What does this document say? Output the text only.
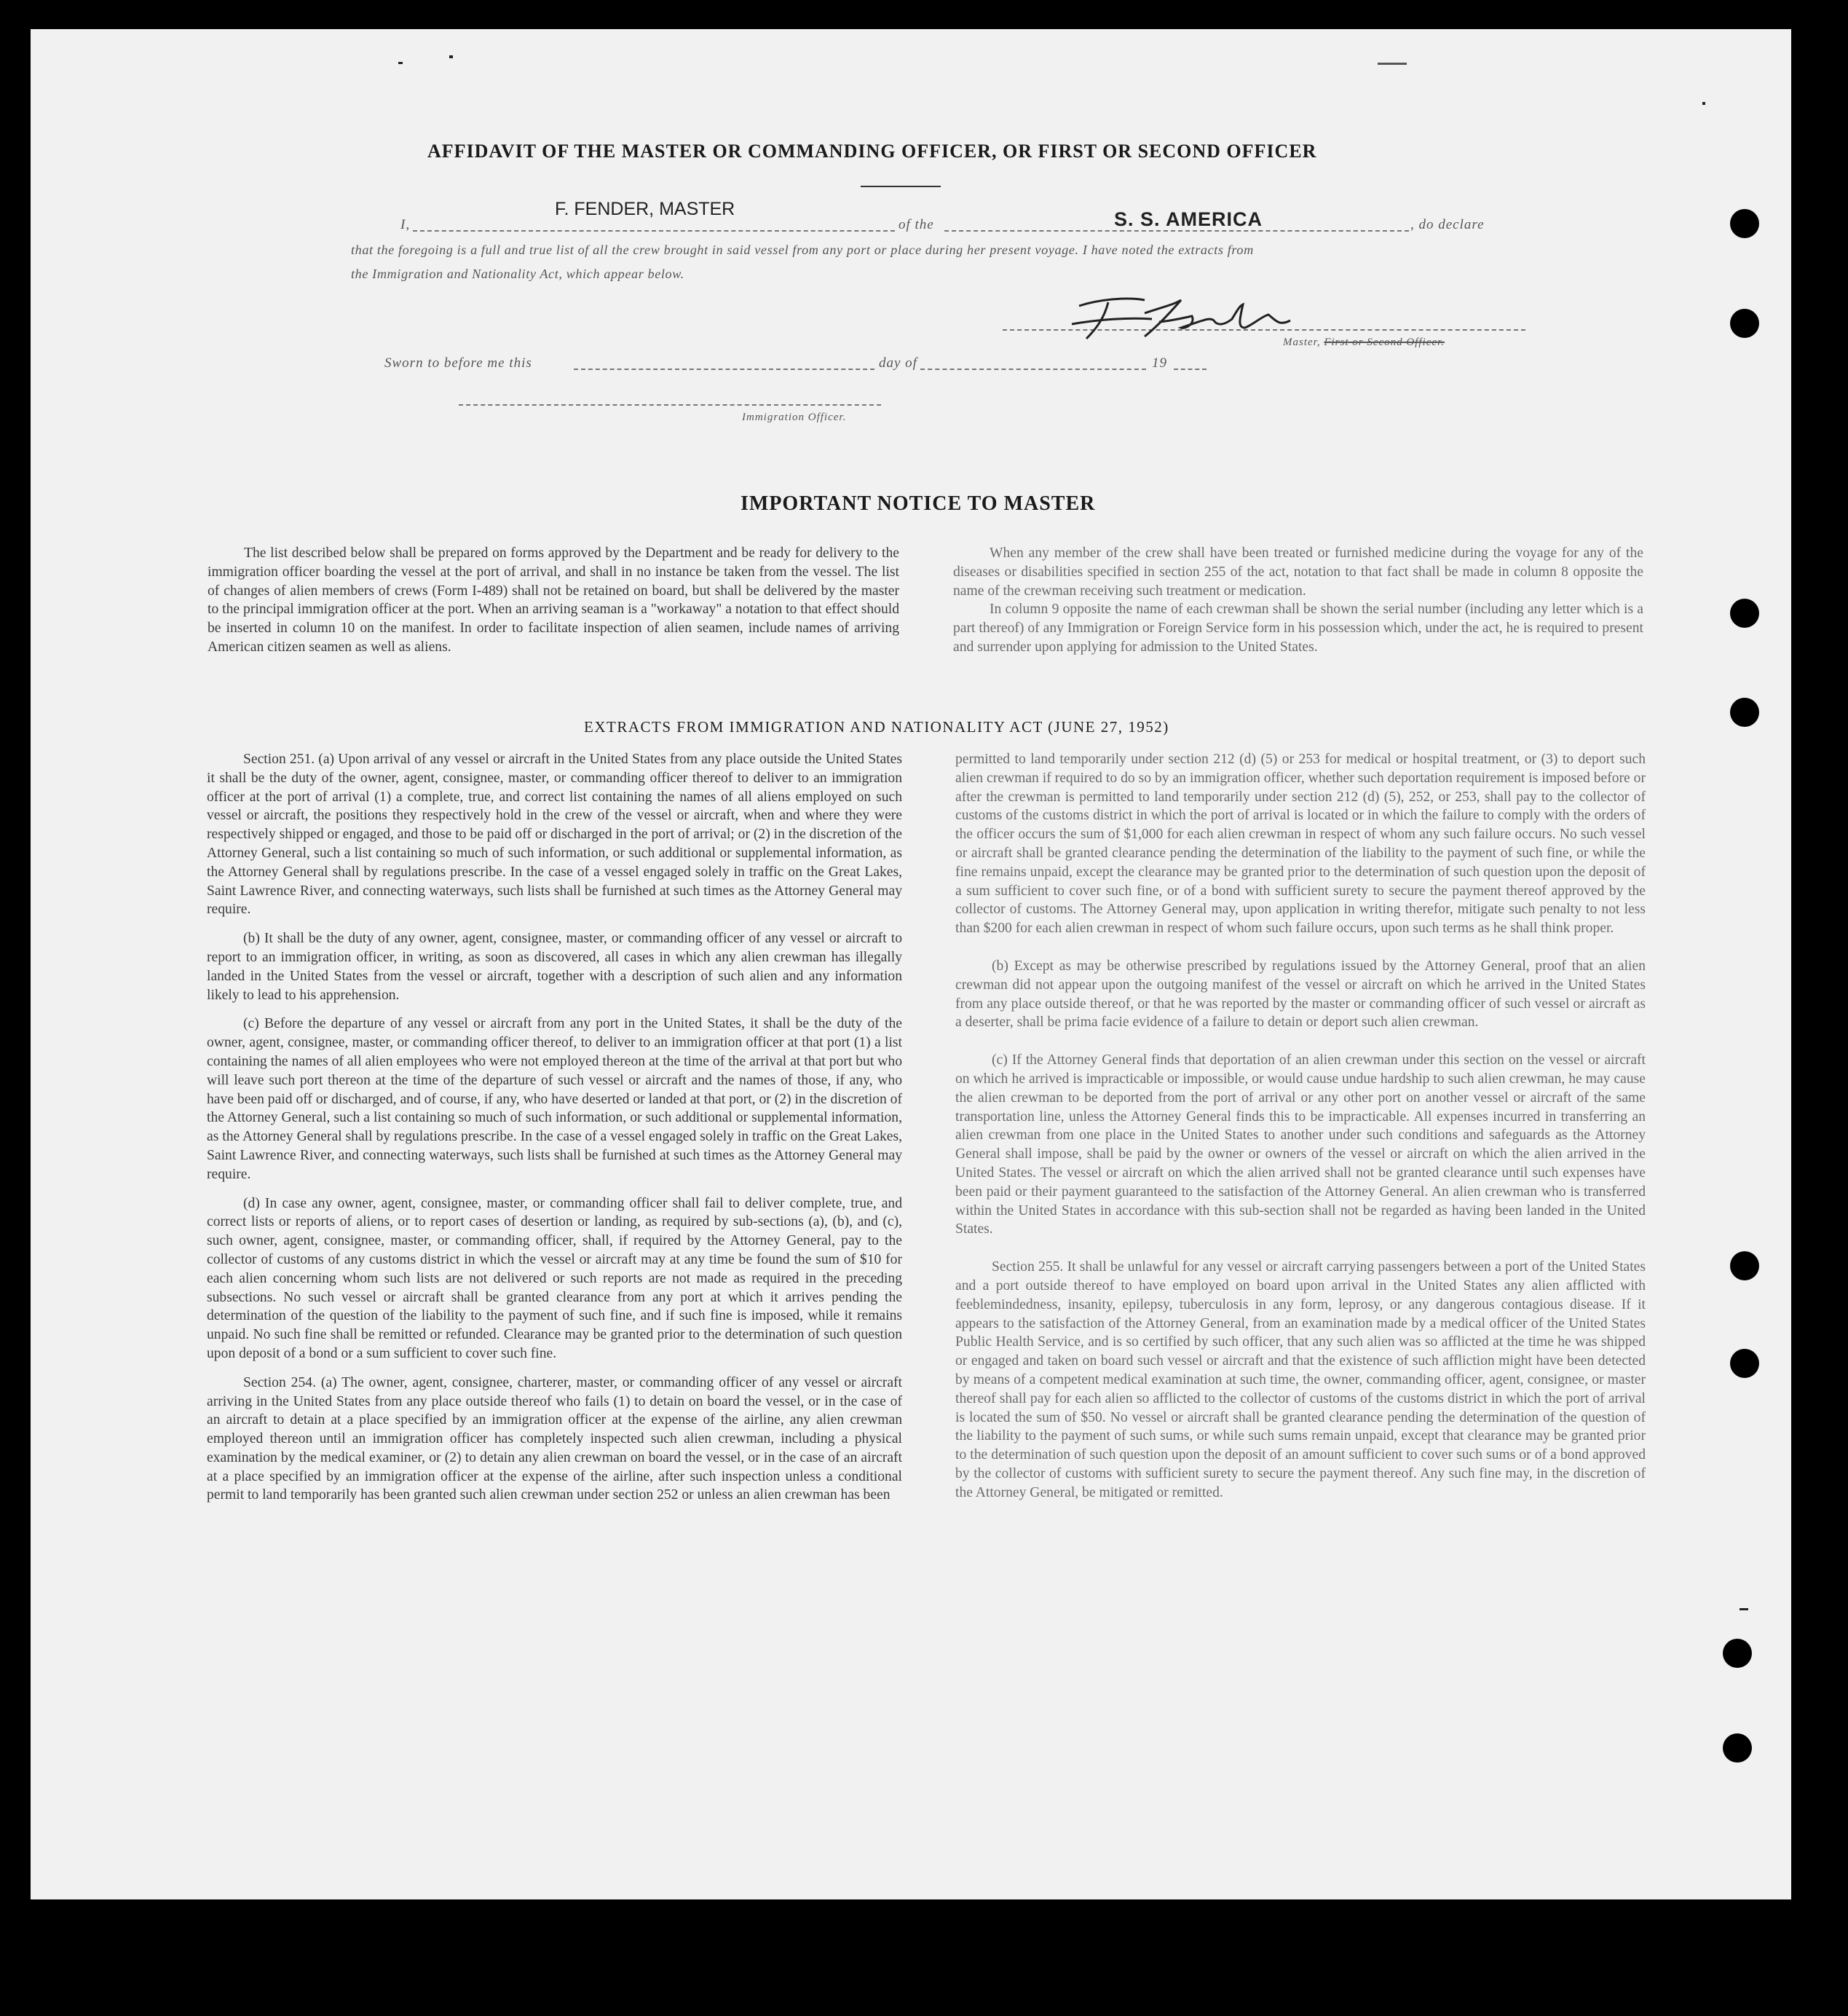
AFFIDAVIT OF THE MASTER OR COMMANDING OFFICER, OR FIRST OR SECOND OFFICER
I,
F. FENDER, MASTER
of the	S. S. AMERICA	, do declare
that the foregoing is a full and true list of all the crew brought in said vessel from any port or place during her present voyage. I have noted the extracts from
the Immigration and Nationality Act, which appear below.
Master, First or Second Officer.
Sworn to before me this	day of	19
Immigration Officer.
IMPORTANT NOTICE TO MASTER

The list described below shall be prepared on forms approved by the Department and be ready for delivery to the immigration officer boarding the vessel at the port of arrival, and shall in no instance be taken from the vessel. The list of changes of alien members of crews (Form I-489) shall not be retained on board, but shall be delivered by the master to the principal immigration officer at the port. When an arriving seaman is a "workaway" a notation to that effect should be inserted in column 10 on the manifest. In order to facilitate inspection of alien seamen, include names of arriving American citizen seamen as well as aliens.

When any member of the crew shall have been treated or furnished medicine during the voyage for any of the diseases or disabilities specified in section 255 of the act, notation to that fact shall be made in column 8 opposite the name of the crewman receiving such treatment or medication.

In column 9 opposite the name of each crewman shall be shown the serial number (including any letter which is a part thereof) of any Immigration or Foreign Service form in his possession which, under the act, he is required to present and surrender upon applying for admission to the United States.

EXTRACTS FROM IMMIGRATION AND NATIONALITY ACT (JUNE 27, 1952)

Section 251. (a) Upon arrival of any vessel or aircraft in the United States from any place outside the United States it shall be the duty of the owner, agent, consignee, master, or commanding officer thereof to deliver to an immigration officer at the port of arrival (1) a complete, true, and correct list containing the names of all aliens employed on such vessel or aircraft, the positions they respectively hold in the crew of the vessel or aircraft, when and where they were respectively shipped or engaged, and those to be paid off or discharged in the port of arrival; or (2) in the discretion of the Attorney General, such a list containing so much of such information, or such additional or supplemental information, as the Attorney General shall by regulations prescribe. In the case of a vessel engaged solely in traffic on the Great Lakes, Saint Lawrence River, and connecting waterways, such lists shall be furnished at such times as the Attorney General may require.

(b) It shall be the duty of any owner, agent, consignee, master, or commanding officer of any vessel or aircraft to report to an immigration officer, in writing, as soon as discovered, all cases in which any alien crewman has illegally landed in the United States from the vessel or aircraft, together with a description of such alien and any information likely to lead to his apprehension.

(c) Before the departure of any vessel or aircraft from any port in the United States, it shall be the duty of the owner, agent, consignee, master, or commanding officer thereof, to deliver to an immigration officer at that port (1) a list containing the names of all alien employees who were not employed thereon at the time of the arrival at that port but who will leave such port thereon at the time of the departure of such vessel or aircraft and the names of those, if any, who have been paid off or discharged, and of course, if any, who have deserted or landed at that port, or (2) in the discretion of the Attorney General, such a list containing so much of such information, or such additional or supplemental information, as the Attorney General shall by regulations prescribe. In the case of a vessel engaged solely in traffic on the Great Lakes, Saint Lawrence River, and connecting waterways, such lists shall be furnished at such times as the Attorney General may require.

(d) In case any owner, agent, consignee, master, or commanding officer shall fail to deliver complete, true, and correct lists or reports of aliens, or to report cases of desertion or landing, as required by sub-sections (a), (b), and (c), such owner, agent, consignee, master, or commanding officer, shall, if required by the Attorney General, pay to the collector of customs of any customs district in which the vessel or aircraft may at any time be found the sum of $10 for each alien concerning whom such lists are not delivered or such reports are not made as required in the preceding subsections. No such vessel or aircraft shall be granted clearance from any port at which it arrives pending the determination of the question of the liability to the payment of such fine, and if such fine is imposed, while it remains unpaid. No such fine shall be remitted or refunded. Clearance may be granted prior to the determination of such question upon deposit of a bond or a sum sufficient to cover such fine.

Section 254. (a) The owner, agent, consignee, charterer, master, or commanding officer of any vessel or aircraft arriving in the United States from any place outside thereof who fails (1) to detain on board the vessel, or in the case of an aircraft to detain at a place specified by an immigration officer at the expense of the airline, any alien crewman employed thereon until an immigration officer has completely inspected such alien crewman, including a physical examination by the medical examiner, or (2) to detain any alien crewman on board the vessel, or in the case of an aircraft at a place specified by an immigration officer at the expense of the airline, after such inspection unless a conditional permit to land temporarily has been granted such alien crewman under section 252 or unless an alien crewman has been

permitted to land temporarily under section 212 (d) (5) or 253 for medical or hospital treatment, or (3) to deport such alien crewman if required to do so by an immigration officer, whether such deportation requirement is imposed before or after the crewman is permitted to land temporarily under section 212 (d) (5), 252, or 253, shall pay to the collector of customs of the customs district in which the port of arrival is located or in which the failure to comply with the orders of the officer occurs the sum of $1,000 for each alien crewman in respect of whom any such failure occurs. No such vessel or aircraft shall be granted clearance pending the determination of the liability to the payment of such fine, or while the fine remains unpaid, except the clearance may be granted prior to the determination of such question upon the deposit of a sum sufficient to cover such fine, or of a bond with sufficient surety to secure the payment thereof approved by the collector of customs. The Attorney General may, upon application in writing therefor, mitigate such penalty to not less than $200 for each alien crewman in respect of whom such failure occurs, upon such terms as he shall think proper.

(b) Except as may be otherwise prescribed by regulations issued by the Attorney General, proof that an alien crewman did not appear upon the outgoing manifest of the vessel or aircraft on which he arrived in the United States from any place outside thereof, or that he was reported by the master or commanding officer of such vessel or aircraft as a deserter, shall be prima facie evidence of a failure to detain or deport such alien crewman.

(c) If the Attorney General finds that deportation of an alien crewman under this section on the vessel or aircraft on which he arrived is impracticable or impossible, or would cause undue hardship to such alien crewman, he may cause the alien crewman to be deported from the port of arrival or any other port on another vessel or aircraft of the same transportation line, unless the Attorney General finds this to be impracticable. All expenses incurred in transferring an alien crewman from one place in the United States to another under such conditions and safeguards as the Attorney General shall impose, shall be paid by the owner or owners of the vessel or aircraft on which the alien arrived in the United States. The vessel or aircraft on which the alien arrived shall not be granted clearance until such expenses have been paid or their payment guaranteed to the satisfaction of the Attorney General. An alien crewman who is transferred within the United States in accordance with this sub-section shall not be regarded as having been landed in the United States.

Section 255. It shall be unlawful for any vessel or aircraft carrying passengers between a port of the United States and a port outside thereof to have employed on board upon arrival in the United States any alien afflicted with feeblemindedness, insanity, epilepsy, tuberculosis in any form, leprosy, or any dangerous contagious disease. If it appears to the satisfaction of the Attorney General, from an examination made by a medical officer of the United States Public Health Service, and is so certified by such officer, that any such alien was so afflicted at the time he was shipped or engaged and taken on board such vessel or aircraft and that the existence of such affliction might have been detected by means of a competent medical examination at such time, the owner, commanding officer, agent, consignee, or master thereof shall pay for each alien so afflicted to the collector of customs of the customs district in which the port of arrival is located the sum of $50. No vessel or aircraft shall be granted clearance pending the determination of the question of the liability to the payment of such sums, or while such sums remain unpaid, except that clearance may be granted prior to the determination of such question upon the deposit of an amount sufficient to cover such sums or of a bond approved by the collector of customs with sufficient surety to secure the payment thereof. Any such fine may, in the discretion of the Attorney General, be mitigated or remitted.
